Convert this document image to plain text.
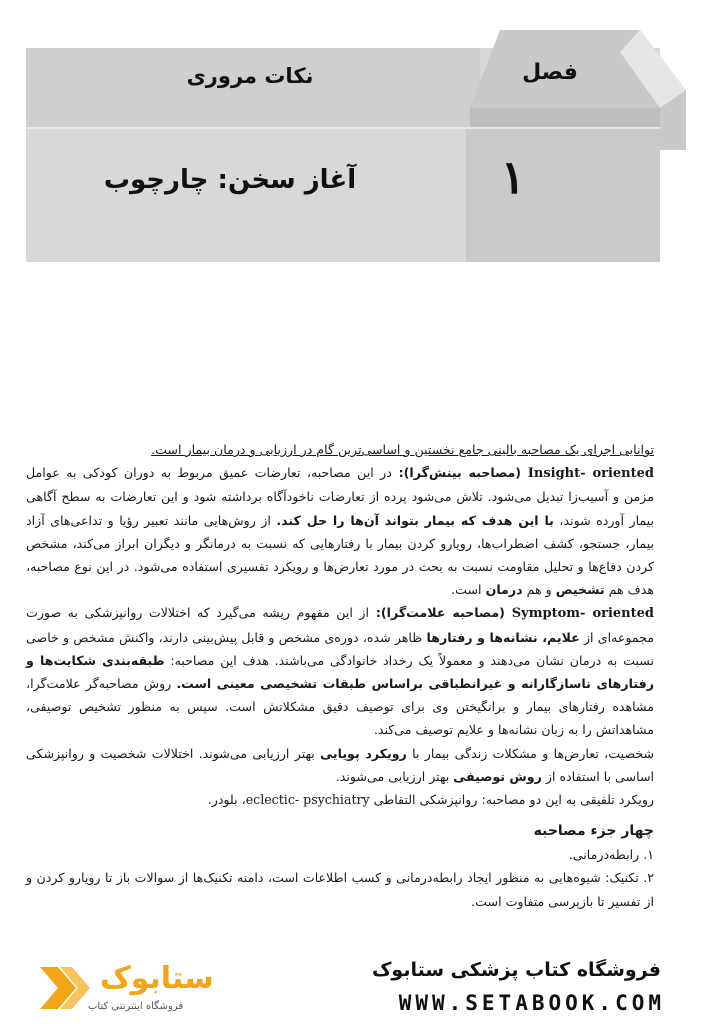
فصل
۱
نکات مروری
آغاز سخن: چارچوب

توانایی اجرای یک مصاحبه بالینی جامع نخستین و اساسی‌ترین گام در ارزیابی و درمان بیمار است.

Insight- oriented (مصاحبه بینش‌گرا): در این مصاحبه، تعارضات عمیق مربوط به دوران کودکی به عوامل مزمن و آسیب‌زا تبدیل می‌شود. تلاش می‌شود پرده از تعارضات ناخودآگاه برداشته شود و این تعارضات به سطح آگاهی بیمار آورده شوند، با این هدف که بیمار بتواند آن‌ها را حل کند. از روش‌هایی مانند تعبیر رؤیا و تداعی‌های آزاد بیمار، جستجو، کشف اضطراب‌ها، رویارو کردن بیمار با رفتارهایی که نسبت به درمانگر و دیگران ابراز می‌کند، مشخص کردن دفاع‌ها و تحلیل مقاومت نسبت به بحث در مورد تعارض‌ها و رویکرد تفسیری استفاده می‌شود. در این نوع مصاحبه، هدف هم تشخیص و هم درمان است.

Symptom- oriented (مصاحبه علامت‌گرا): از این مفهوم ریشه می‌گیرد که اختلالات روانپزشکی به صورت مجموعه‌ای از علایم، نشانه‌ها و رفتارها ظاهر شده، دوره‌ی مشخص و قابل پیش‌بینی دارند، واکنش مشخص و خاصی نسبت به درمان نشان می‌دهند و معمولاً یک رخداد خانوادگی می‌باشند. هدف این مصاحبه: طبقه‌بندی شکایت‌ها و رفتارهای ناسازگارانه و غیرانطباقی براساس طبقات تشخیصی معینی است. روش مصاحبه‌گر علامت‌گرا، مشاهده رفتارهای بیمار و برانگیختن وی برای توصیف دقیق مشکلاتش است. سپس به منظور تشخیص توصیفی، مشاهداتش را به زبان نشانه‌ها و علایم توصیف می‌کند.

شخصیت، تعارض‌ها و مشکلات زندگی بیمار با رویکرد پویایی بهتر ارزیابی می‌شوند. اختلالات شخصیت و روانپزشکی اساسی با استفاده از روش توصیفی بهتر ارزیابی می‌شوند.

رویکرد تلفیقی به این دو مصاحبه: روانپزشکی التقاطی eclectic- psychiatry، بلودر.

چهار جزء مصاحبه

۱. رابطه‌درمانی.

۲. تکنیک: شیوه‌هایی به منظور ایجاد رابطه‌درمانی و کسب اطلاعات است، دامنه تکنیک‌ها از سوالات باز تا رویارو کردن و از تفسیر تا بازپرسی متفاوت است.

ستابوک
فروشگاه اینترنتی کتاب
فروشگاه کتاب پزشکی ستابوک
WWW.SETABOOK.COM
